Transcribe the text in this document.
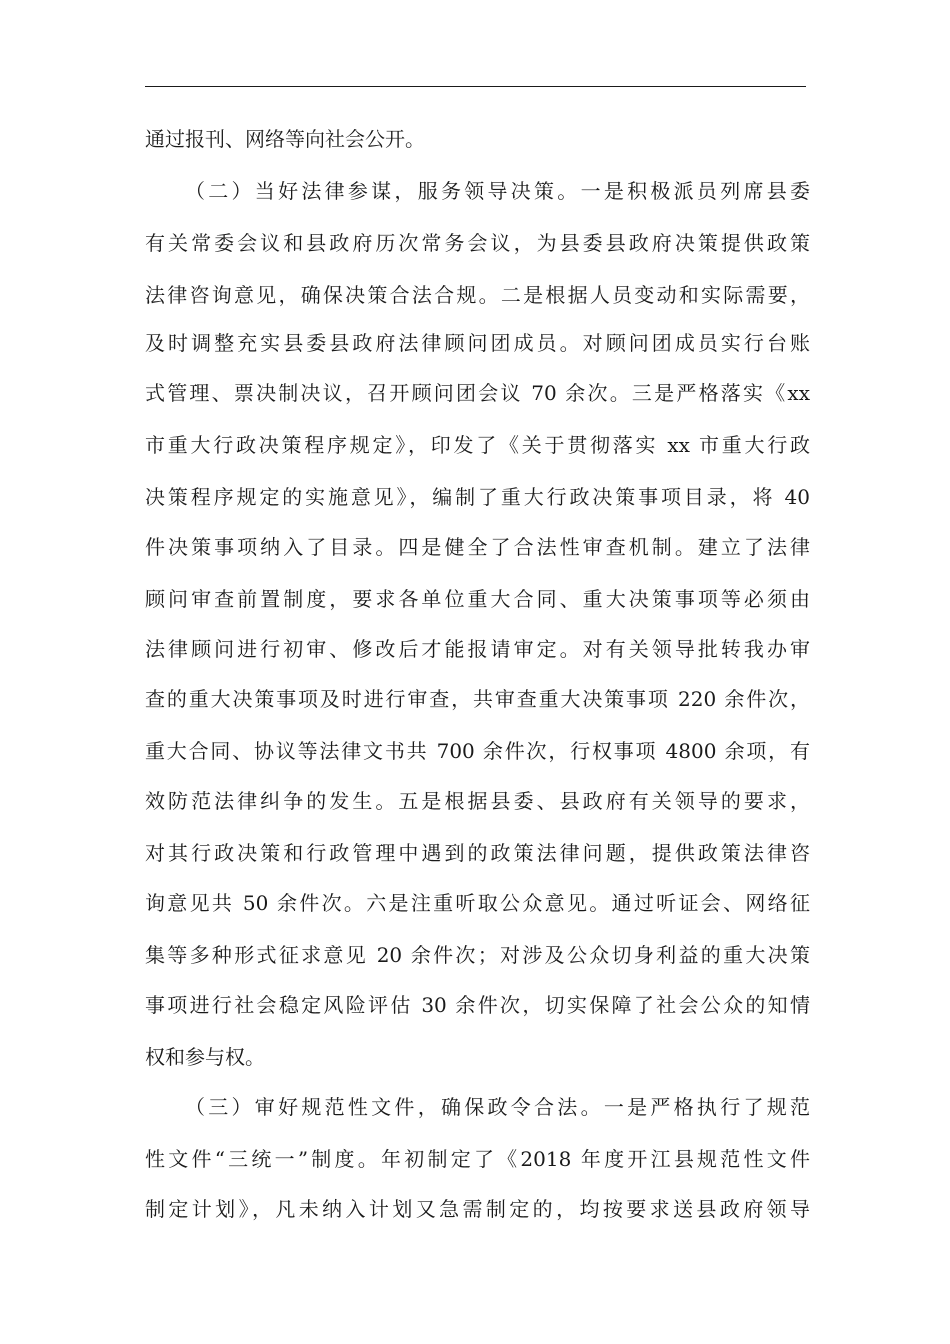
通过报刊、网络等向社会公开。
（二）当好法律参谋，服务领导决策。一是积极派员列席县委
有关常委会议和县政府历次常务会议，为县委县政府决策提供政策
法律咨询意见，确保决策合法合规。二是根据人员变动和实际需要，
及时调整充实县委县政府法律顾问团成员。对顾问团成员实行台账
式管理、票决制决议，召开顾问团会议 70 余次。三是严格落实《xx
市重大行政决策程序规定》，印发了《关于贯彻落实 xx 市重大行政
决策程序规定的实施意见》，编制了重大行政决策事项目录，将 40
件决策事项纳入了目录。四是健全了合法性审查机制。建立了法律
顾问审查前置制度，要求各单位重大合同、重大决策事项等必须由
法律顾问进行初审、修改后才能报请审定。对有关领导批转我办审
查的重大决策事项及时进行审查，共审查重大决策事项 220 余件次，
重大合同、协议等法律文书共 700 余件次，行权事项 4800 余项，有
效防范法律纠争的发生。五是根据县委、县政府有关领导的要求，
对其行政决策和行政管理中遇到的政策法律问题，提供政策法律咨
询意见共 50 余件次。六是注重听取公众意见。通过听证会、网络征
集等多种形式征求意见 20 余件次；对涉及公众切身利益的重大决策
事项进行社会稳定风险评估 30 余件次，切实保障了社会公众的知情
权和参与权。
（三）审好规范性文件，确保政令合法。一是严格执行了规范
性文件“三统一”制度。年初制定了《2018 年度开江县规范性文件
制定计划》，凡未纳入计划又急需制定的，均按要求送县政府领导
